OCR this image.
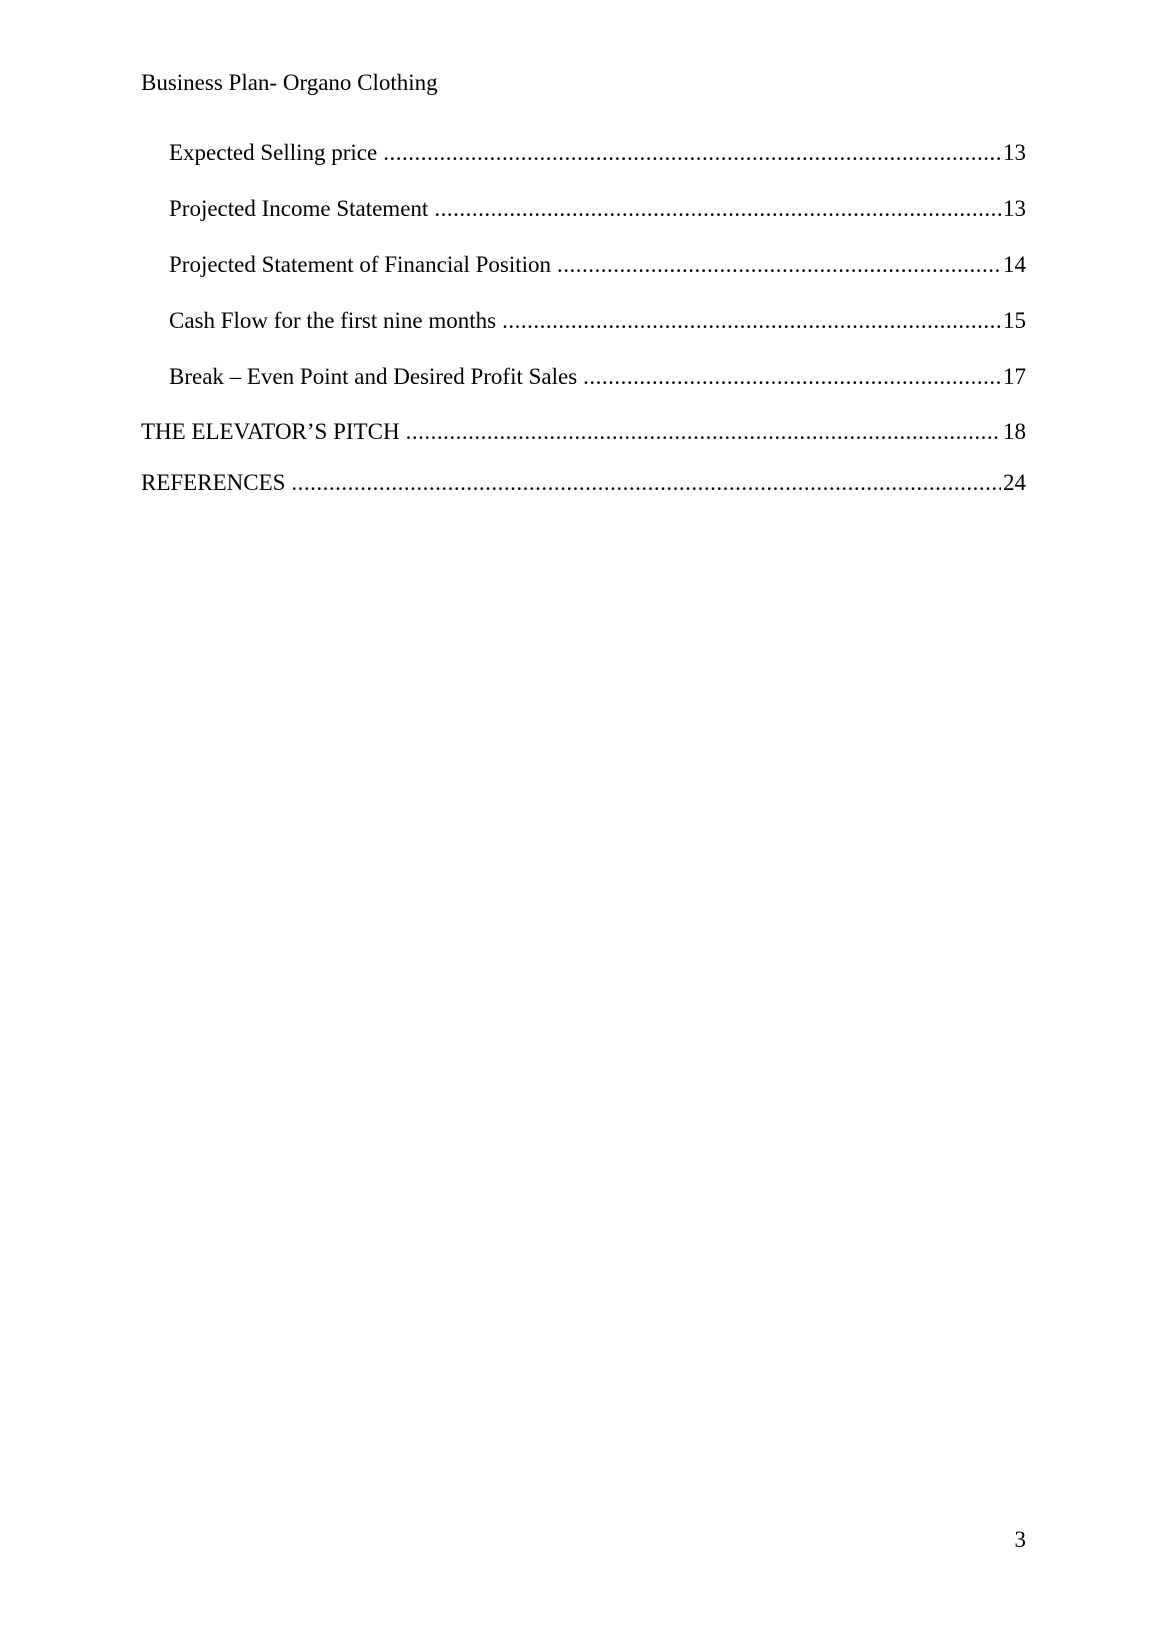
Business Plan- Organo Clothing
Expected Selling price .....	13
Projected Income Statement .....	13
Projected Statement of Financial Position .....	14
Cash Flow for the first nine months .....	15
Break – Even Point and Desired Profit Sales .....	17
THE ELEVATOR’S PITCH .....	18
REFERENCES .....	24
3
